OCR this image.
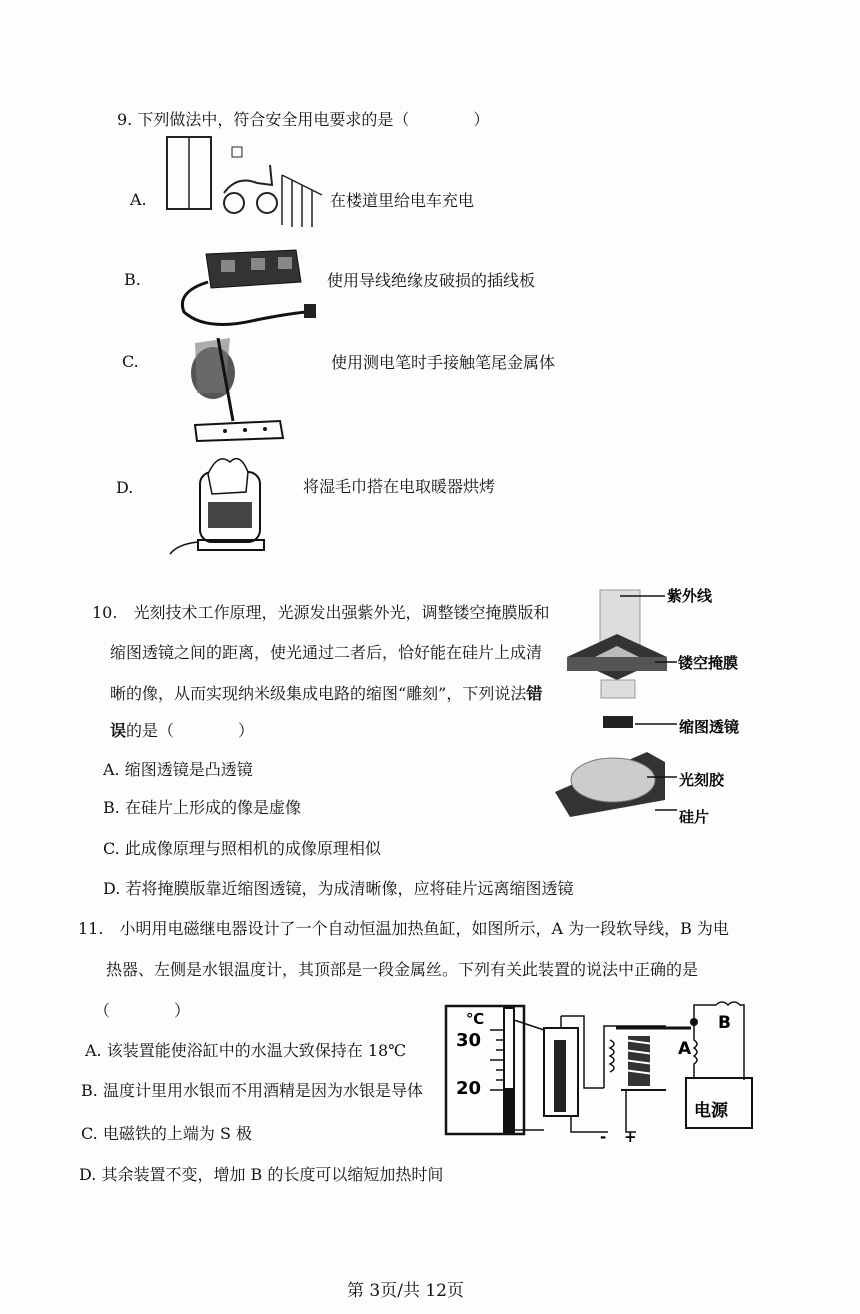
9. 下列做法中，符合安全用电要求的是（　　　　）
A.	在楼道里给电车充电
B.	使用导线绝缘皮破损的插线板
C.	使用测电笔时手接触笔尾金属体
D.	将湿毛巾搭在电取暖器烘烤
10.　光刻技术工作原理，光源发出强紫外光，调整镂空掩膜版和
缩图透镜之间的距离，使光通过二者后，恰好能在硅片上成清
晰的像，从而实现纳米级集成电路的缩图“雕刻”，下列说法错
误的是（　　　　）
A. 缩图透镜是凸透镜
B. 在硅片上形成的像是虚像
C. 此成像原理与照相机的成像原理相似
D. 若将掩膜版靠近缩图透镜，为成清晰像，应将硅片远离缩图透镜
紫外线
镂空掩膜
缩图透镜
光刻胶
硅片
11.　小明用电磁继电器设计了一个自动恒温加热鱼缸，如图所示，A 为一段软导线，B 为电
热器、左侧是水银温度计，其顶部是一段金属丝。下列有关此装置的说法中正确的是
（　　　　）
A. 该装置能使浴缸中的水温大致保持在 18℃
B. 温度计里用水银而不用酒精是因为水银是导体
C. 电磁铁的上端为 S 极
D. 其余装置不变，增加 B 的长度可以缩短加热时间
℃
30
20
- +
A
B
电源
第 3页/共 12页
